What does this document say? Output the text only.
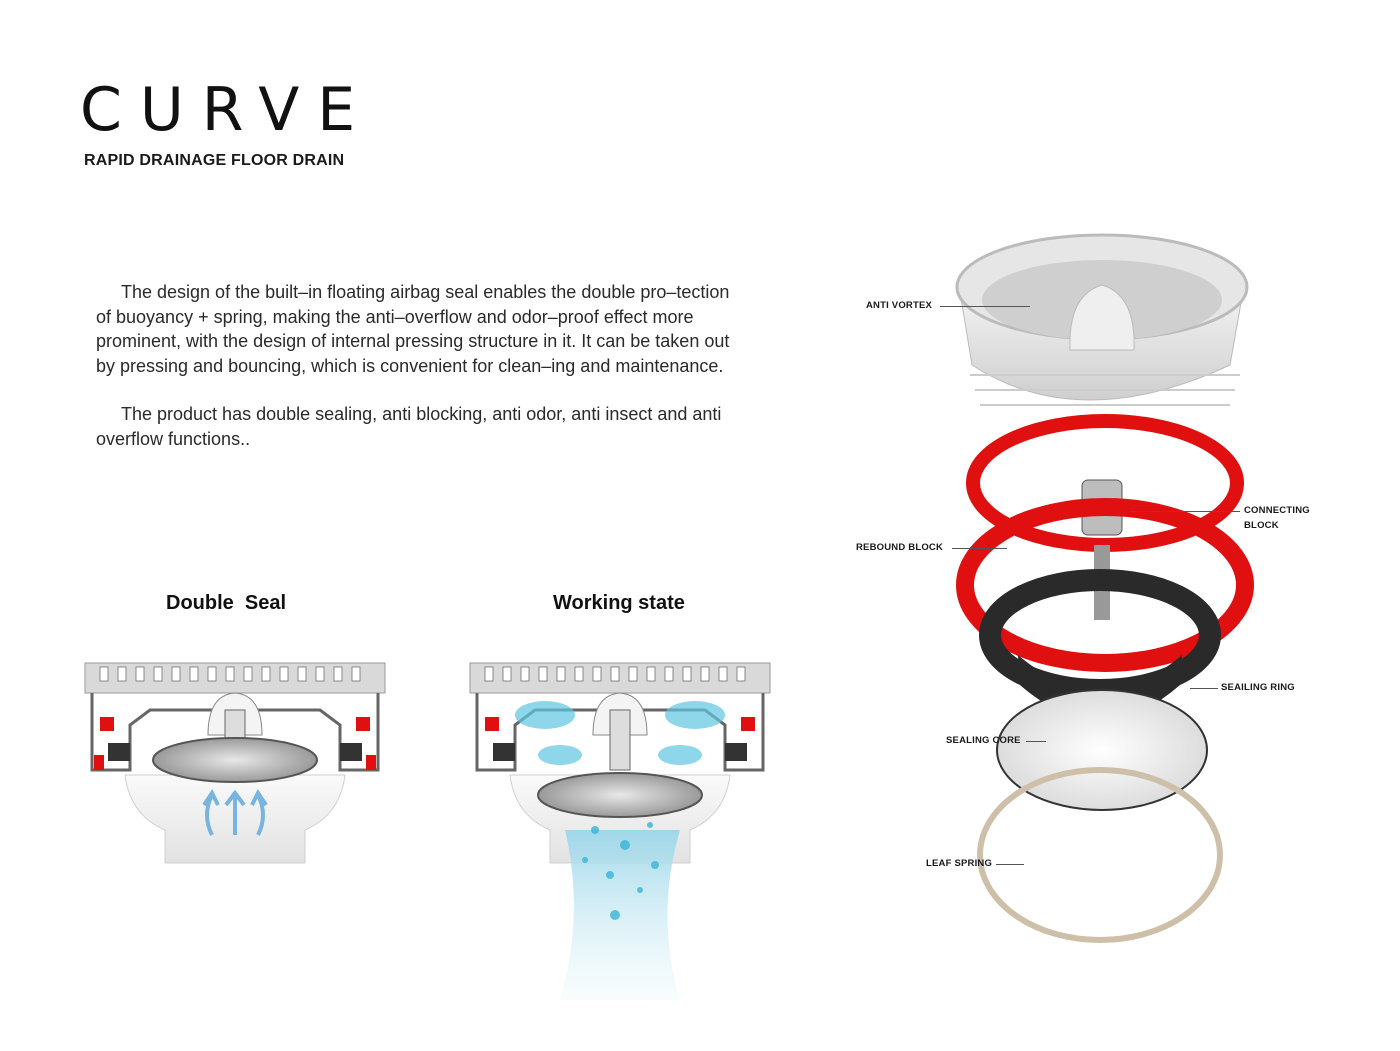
CURVE
RAPID DRAINAGE FLOOR DRAIN

The design of the built–in floating airbag seal enables the double pro–tection of buoyancy + spring, making the anti–overflow and odor–proof effect more prominent, with the design of internal pressing structure in it. It can be taken out by pressing and bouncing, which is convenient for clean–ing and maintenance.

The product has double sealing, anti blocking, anti odor, anti insect and anti overflow functions..

Double  Seal	Working state
ANTI VORTEX
CONNECTING
BLOCK
REBOUND BLOCK
SEAILING RING
SEALING CORE
LEAF SPRING
